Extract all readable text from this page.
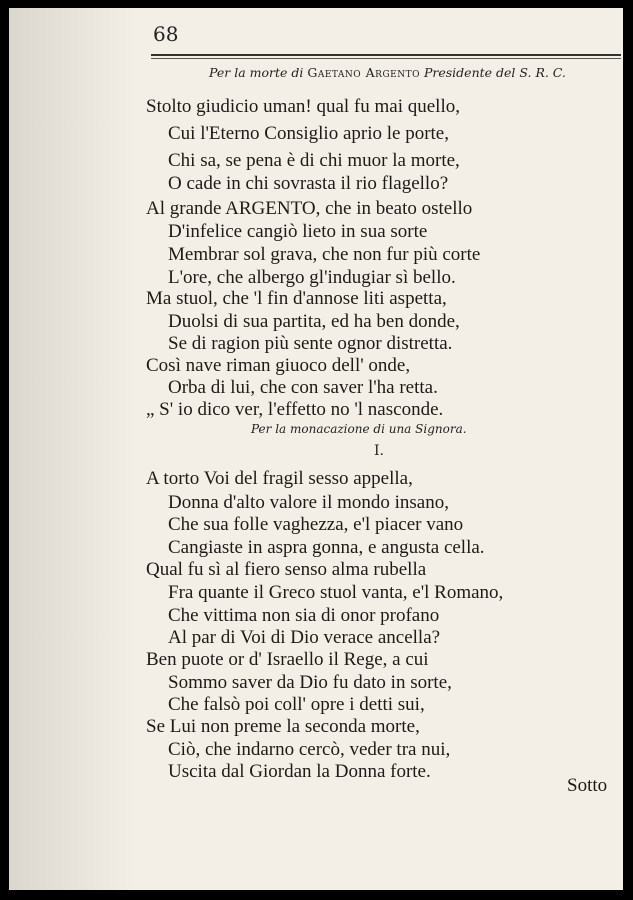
68
Per la morte di Gaetano Argento Presidente del S. R. C.
Stolto giudicio uman! qual fu mai quello,
Cui l'Eterno Consiglio aprio le porte,
Chi sa, se pena è di chi muor la morte,
O cade in chi sovrasta il rio flagello?
Al grande ARGENTO, che in beato ostello
D'infelice cangiò lieto in sua sorte
Membrar sol grava, che non fur più corte
L'ore, che albergo gl'indugiar sì bello.
Ma stuol, che 'l fin d'annose liti aspetta,
Duolsi di sua partita, ed ha ben donde,
Se di ragion più sente ognor distretta.
Così nave riman giuoco dell' onde,
Orba di lui, che con saver l'ha retta.
„ S' io dico ver, l'effetto no 'l nasconde.
Per la monacazione di una Signora.
I.
A torto Voi del fragil sesso appella,
Donna d'alto valore il mondo insano,
Che sua folle vaghezza, e'l piacer vano
Cangiaste in aspra gonna, e angusta cella.
Qual fu sì al fiero senso alma rubella
Fra quante il Greco stuol vanta, e'l Romano,
Che vittima non sia di onor profano
Al par di Voi di Dio verace ancella?
Ben puote or d' Israello il Rege, a cui
Sommo saver da Dio fu dato in sorte,
Che falsò poi coll' opre i detti sui,
Se Lui non preme la seconda morte,
Ciò, che indarno cercò, veder tra nui,
Uscita dal Giordan la Donna forte.
Sotto
